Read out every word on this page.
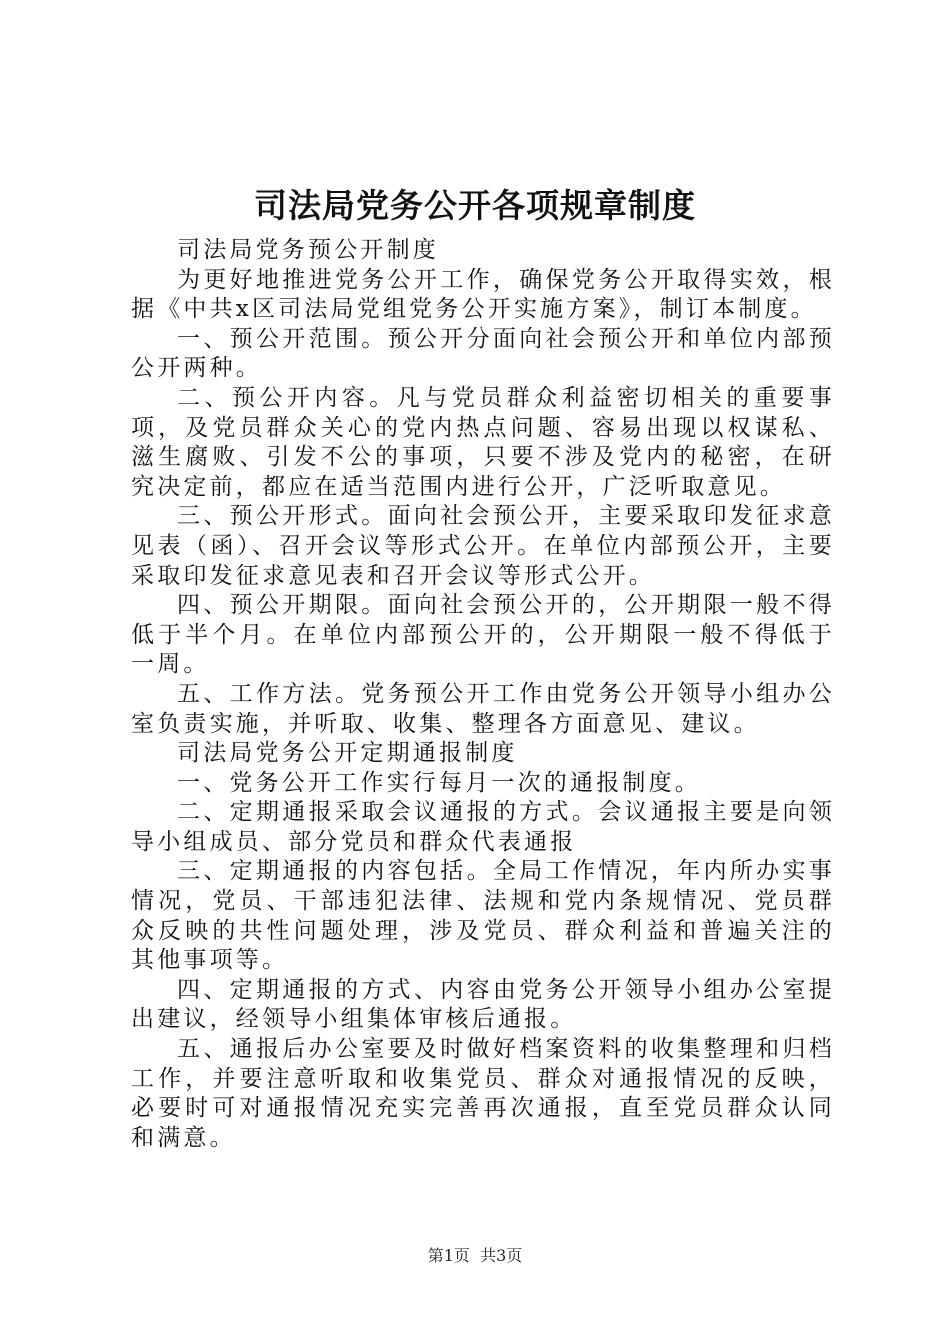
司法局党务公开各项规章制度

司法局党务预公开制度

为更好地推进党务公开工作，确保党务公开取得实效，根据《中共x区司法局党组党务公开实施方案》，制订本制度。

一、预公开范围。预公开分面向社会预公开和单位内部预公开两种。

二、预公开内容。凡与党员群众利益密切相关的重要事项，及党员群众关心的党内热点问题、容易出现以权谋私、滋生腐败、引发不公的事项，只要不涉及党内的秘密，在研究决定前，都应在适当范围内进行公开，广泛听取意见。

三、预公开形式。面向社会预公开，主要采取印发征求意见表（函）、召开会议等形式公开。在单位内部预公开，主要采取印发征求意见表和召开会议等形式公开。

四、预公开期限。面向社会预公开的，公开期限一般不得低于半个月。在单位内部预公开的，公开期限一般不得低于一周。

五、工作方法。党务预公开工作由党务公开领导小组办公室负责实施，并听取、收集、整理各方面意见、建议。

司法局党务公开定期通报制度

一、党务公开工作实行每月一次的通报制度。

二、定期通报采取会议通报的方式。会议通报主要是向领导小组成员、部分党员和群众代表通报

三、定期通报的内容包括。全局工作情况，年内所办实事情况，党员、干部违犯法律、法规和党内条规情况、党员群众反映的共性问题处理，涉及党员、群众利益和普遍关注的其他事项等。

四、定期通报的方式、内容由党务公开领导小组办公室提出建议，经领导小组集体审核后通报。

五、通报后办公室要及时做好档案资料的收集整理和归档工作，并要注意听取和收集党员、群众对通报情况的反映，必要时可对通报情况充实完善再次通报，直至党员群众认同和满意。

第1页 共3页
